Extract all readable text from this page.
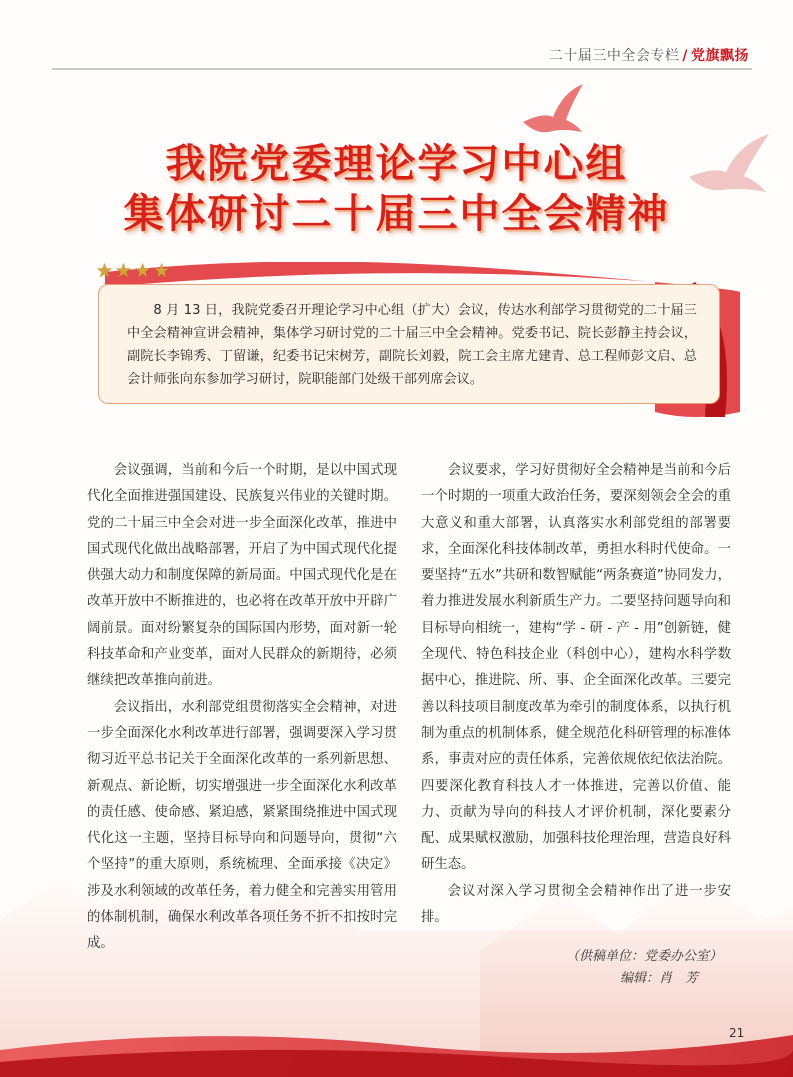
二十届三中全会专栏 / 党旗飘扬
我院党委理论学习中心组
集体研讨二十届三中全会精神
★ ★ ★ ★
8 月 13 日，我院党委召开理论学习中心组（扩大）会议，传达水利部学习贯彻党的二十届三中全会精神宣讲会精神，集体学习研讨党的二十届三中全会精神。党委书记、院长彭静主持会议，副院长李锦秀、丁留谦，纪委书记宋树芳，副院长刘毅，院工会主席尤建青、总工程师彭文启、总会计师张向东参加学习研讨，院职能部门处级干部列席会议。

会议强调，当前和今后一个时期，是以中国式现代化全面推进强国建设、民族复兴伟业的关键时期。党的二十届三中全会对进一步全面深化改革，推进中国式现代化做出战略部署，开启了为中国式现代化提供强大动力和制度保障的新局面。中国式现代化是在改革开放中不断推进的，也必将在改革开放中开辟广阔前景。面对纷繁复杂的国际国内形势，面对新一轮科技革命和产业变革，面对人民群众的新期待，必须继续把改革推向前进。

会议指出，水利部党组贯彻落实全会精神，对进一步全面深化水利改革进行部署，强调要深入学习贯彻习近平总书记关于全面深化改革的一系列新思想、新观点、新论断，切实增强进一步全面深化水利改革的责任感、使命感、紧迫感，紧紧围绕推进中国式现代化这一主题，坚持目标导向和问题导向，贯彻“六个坚持”的重大原则，系统梳理、全面承接《决定》涉及水利领域的改革任务，着力健全和完善实用管用的体制机制，确保水利改革各项任务不折不扣按时完成。

会议要求，学习好贯彻好全会精神是当前和今后一个时期的一项重大政治任务，要深刻领会全会的重大意义和重大部署，认真落实水利部党组的部署要求，全面深化科技体制改革，勇担水科时代使命。一要坚持“五水”共研和数智赋能“两条赛道”协同发力，着力推进发展水利新质生产力。二要坚持问题导向和目标导向相统一，建构“学 - 研 - 产 - 用”创新链，健全现代、特色科技企业（科创中心），建构水科学数据中心，推进院、所、事、企全面深化改革。三要完善以科技项目制度改革为牵引的制度体系，以执行机制为重点的机制体系，健全规范化科研管理的标准体系，事责对应的责任体系，完善依规依纪依法治院。四要深化教育科技人才一体推进，完善以价值、能力、贡献为导向的科技人才评价机制，深化要素分配、成果赋权激励，加强科技伦理治理，营造良好科研生态。

会议对深入学习贯彻全会精神作出了进一步安排。

（供稿单位：党委办公室）
编辑：肖　芳
21
